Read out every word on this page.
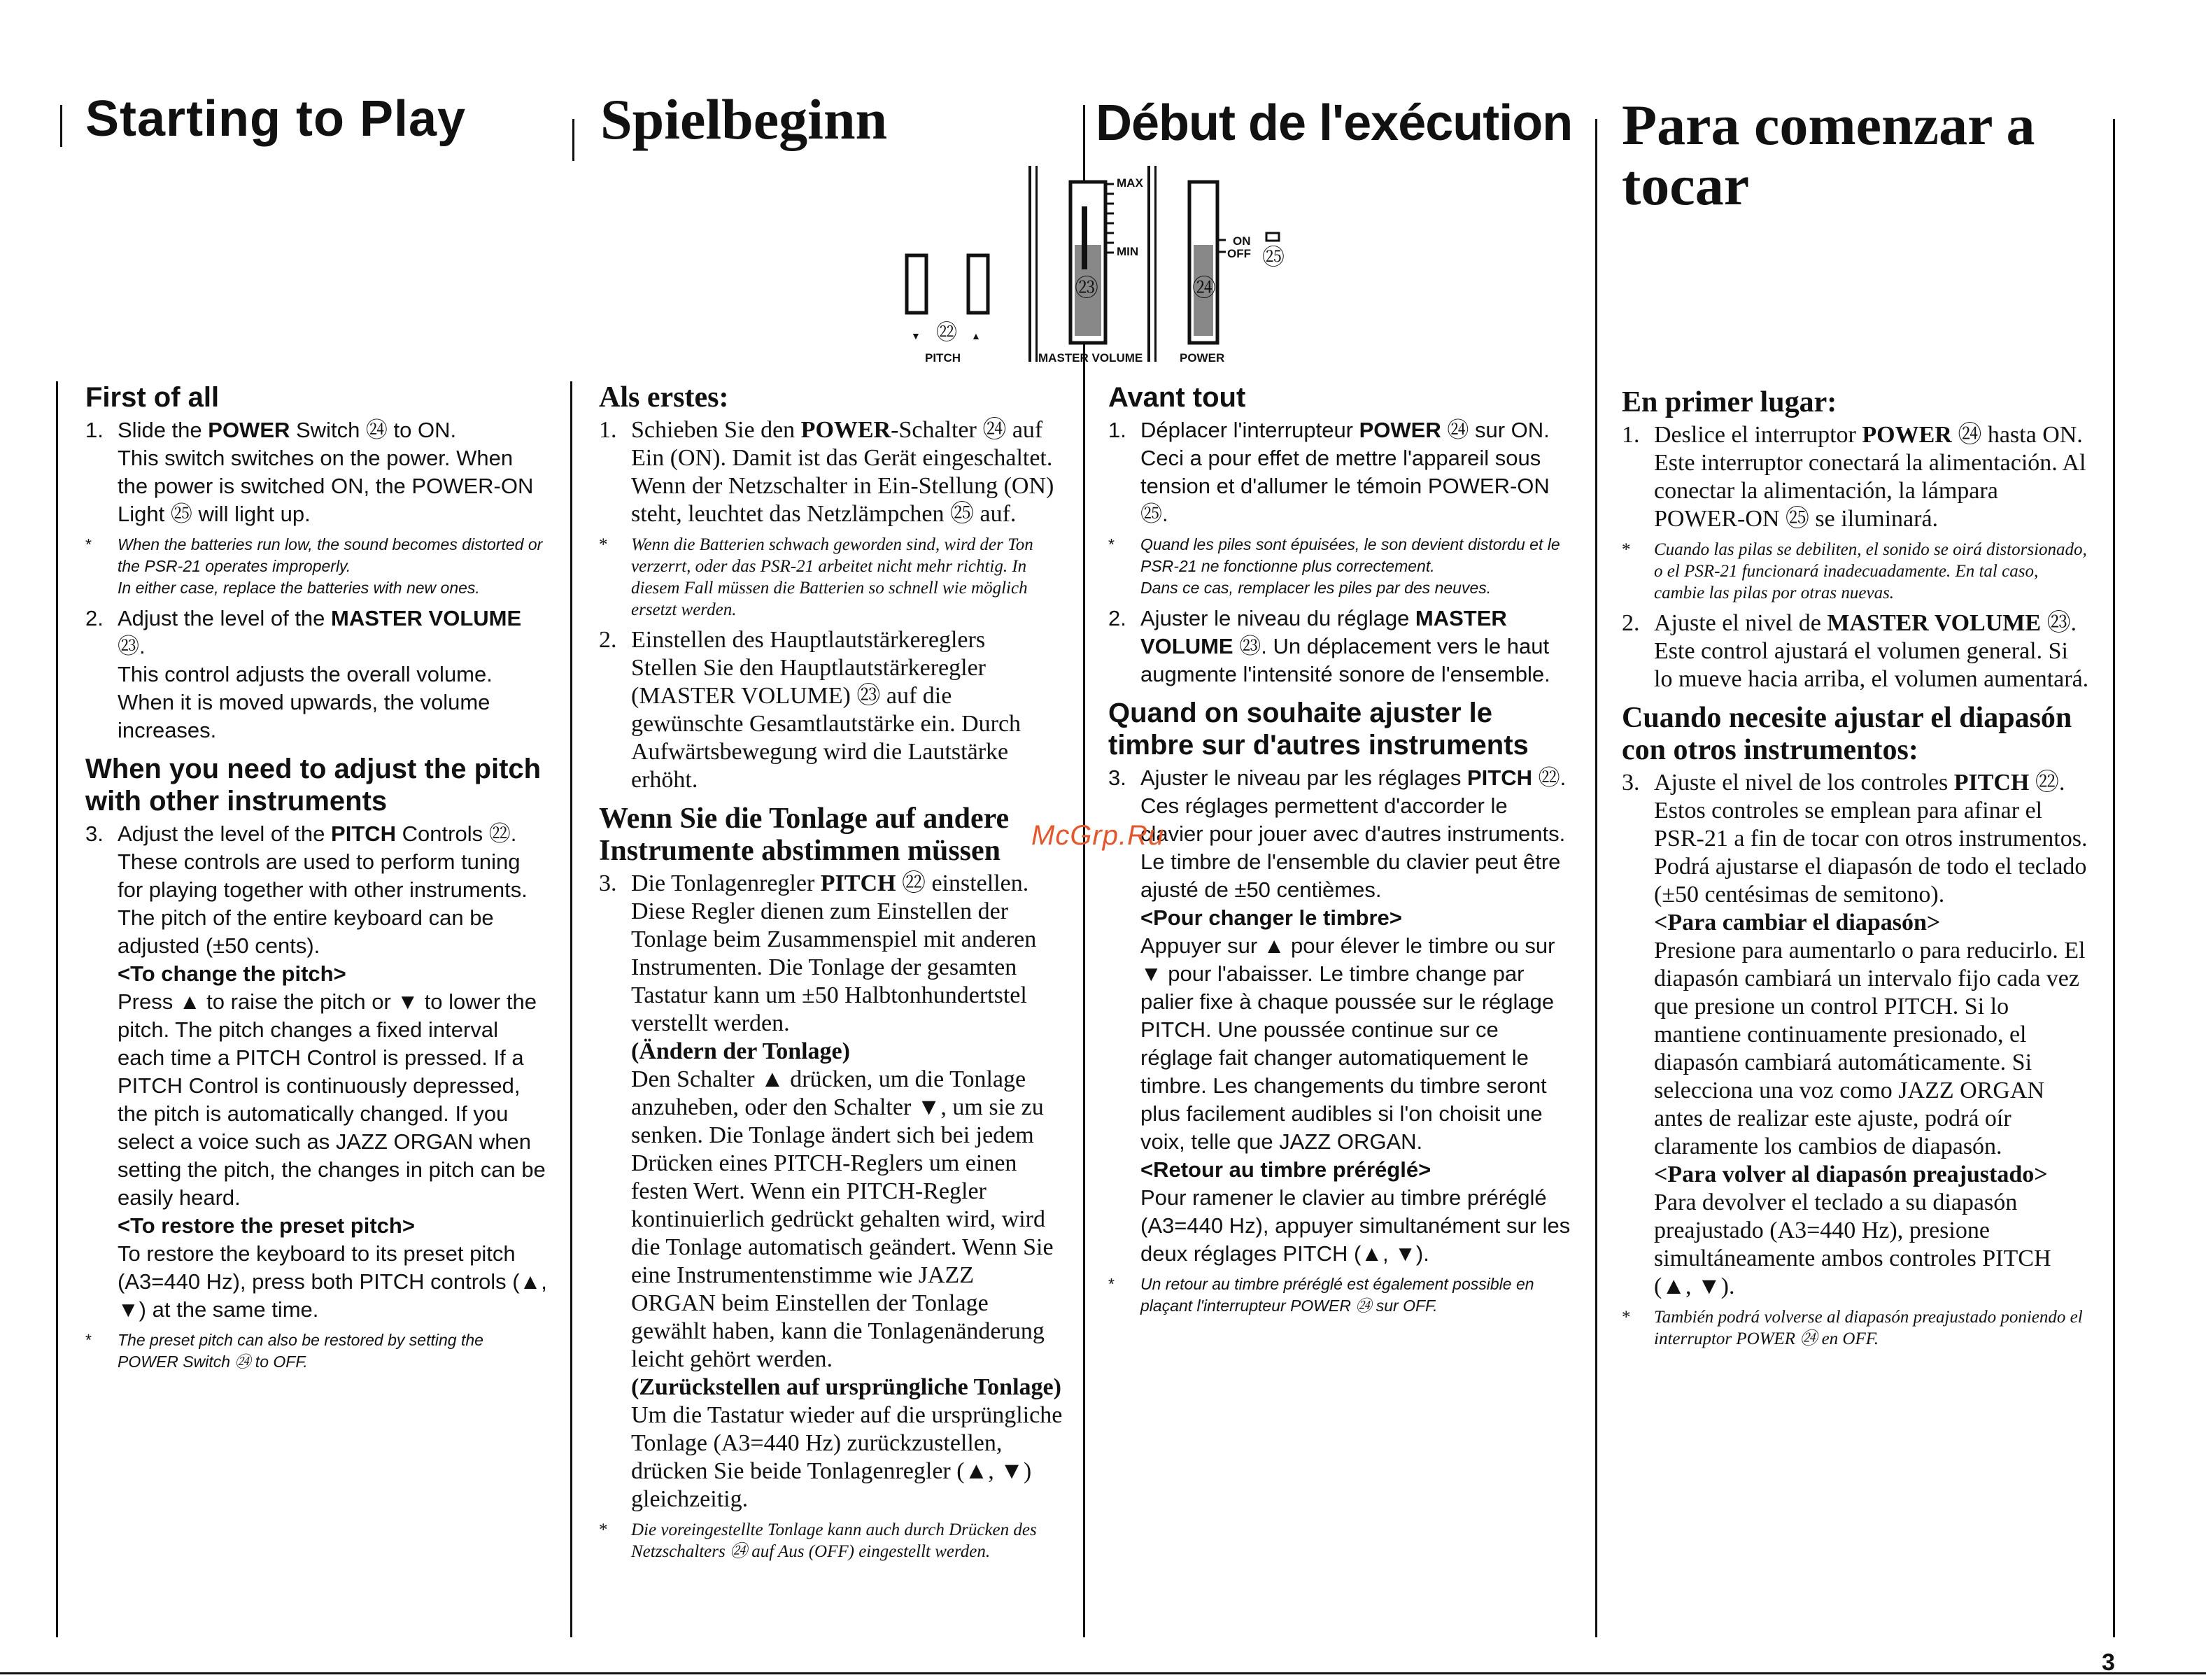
Starting to Play Spielbeginn	Début de l'exécution Para comenzar a
tocar
▼ ㉒ ▲
PITCH
MAX
MIN
㉓
MASTER VOLUME
ON
OFF ㉕
㉔
POWER
First of all
1. Slide the POWER Switch ㉔ to ON.

This switch switches on the power. When the power is switched ON, the POWER-ON Light ㉕ will light up.

* When the batteries run low, the sound becomes distorted or the PSR-21 operates improperly.

In either case, replace the batteries with new ones.

2. Adjust the level of the MASTER VOLUME ㉓.

This control adjusts the overall volume. When it is moved upwards, the volume increases.

When you need to adjust the pitch with other instruments
3. Adjust the level of the PITCH Controls ㉒.

These controls are used to perform tuning for playing together with other instruments. The pitch of the entire keyboard can be adjusted (±50 cents).

<To change the pitch>

Press ▲ to raise the pitch or ▼ to lower the pitch. The pitch changes a fixed interval each time a PITCH Control is pressed. If a PITCH Control is continuously depressed, the pitch is automatically changed. If you select a voice such as JAZZ ORGAN when setting the pitch, the changes in pitch can be easily heard.

<To restore the preset pitch>

To restore the keyboard to its preset pitch (A3=440 Hz), press both PITCH controls (▲, ▼) at the same time.

* The preset pitch can also be restored by setting the POWER Switch ㉔ to OFF.

Als erstes:
1. Schieben Sie den POWER-Schalter ㉔ auf Ein (ON). Damit ist das Gerät eingeschaltet. Wenn der Netzschalter in Ein-Stellung (ON) steht, leuchtet das Netzlämpchen ㉕ auf.

* Wenn die Batterien schwach geworden sind, wird der Ton verzerrt, oder das PSR-21 arbeitet nicht mehr richtig. In diesem Fall müssen die Batterien so schnell wie möglich ersetzt werden.

2. Einstellen des Hauptlautstärkereglers

Stellen Sie den Hauptlautstärkeregler (MASTER VOLUME) ㉓ auf die gewünschte Gesamtlautstärke ein. Durch Aufwärtsbewegung wird die Lautstärke erhöht.

Wenn Sie die Tonlage auf andere Instrumente abstimmen müssen
3. Die Tonlagenregler PITCH ㉒ einstellen.

Diese Regler dienen zum Einstellen der Tonlage beim Zusammenspiel mit anderen Instrumenten. Die Tonlage der gesamten Tastatur kann um ±50 Halbtonhundertstel verstellt werden.

(Ändern der Tonlage)

Den Schalter ▲ drücken, um die Tonlage anzuheben, oder den Schalter ▼, um sie zu senken. Die Tonlage ändert sich bei jedem Drücken eines PITCH-Reglers um einen festen Wert. Wenn ein PITCH-Regler kontinuierlich gedrückt gehalten wird, wird die Tonlage automatisch geändert. Wenn Sie eine Instrumentenstimme wie JAZZ ORGAN beim Einstellen der Tonlage gewählt haben, kann die Tonlagenänderung leicht gehört werden.

(Zurückstellen auf ursprüngliche Tonlage)

Um die Tastatur wieder auf die ursprüngliche Tonlage (A3=440 Hz) zurückzustellen, drücken Sie beide Tonlagenregler (▲, ▼) gleichzeitig.

* Die voreingestellte Tonlage kann auch durch Drücken des Netzschalters ㉔ auf Aus (OFF) eingestellt werden.

Avant tout
1. Déplacer l'interrupteur POWER ㉔ sur ON.

Ceci a pour effet de mettre l'appareil sous tension et d'allumer le témoin POWER-ON ㉕.

* Quand les piles sont épuisées, le son devient distordu et le PSR-21 ne fonctionne plus correctement.

Dans ce cas, remplacer les piles par des neuves.

2. Ajuster le niveau du réglage MASTER VOLUME ㉓. Un déplacement vers le haut augmente l'intensité sonore de l'ensemble.

Quand on souhaite ajuster le timbre sur d'autres instruments
3. Ajuster le niveau par les réglages PITCH ㉒.

Ces réglages permettent d'accorder le clavier pour jouer avec d'autres instruments. Le timbre de l'ensemble du clavier peut être ajusté de ±50 centièmes.

<Pour changer le timbre>

Appuyer sur ▲ pour élever le timbre ou sur ▼ pour l'abaisser. Le timbre change par palier fixe à chaque poussée sur le réglage PITCH. Une poussée continue sur ce réglage fait changer automatiquement le timbre. Les changements du timbre seront plus facilement audibles si l'on choisit une voix, telle que JAZZ ORGAN.

<Retour au timbre préréglé>

Pour ramener le clavier au timbre préréglé (A3=440 Hz), appuyer simultanément sur les deux réglages PITCH (▲, ▼).

* Un retour au timbre préréglé est également possible en plaçant l'interrupteur POWER ㉔ sur OFF.

En primer lugar:
1. Deslice el interruptor POWER ㉔ hasta ON.

Este interruptor conectará la alimentación. Al conectar la alimentación, la lámpara POWER-ON ㉕ se iluminará.

* Cuando las pilas se debiliten, el sonido se oirá distorsionado, o el PSR-21 funcionará inadecuadamente. En tal caso, cambie las pilas por otras nuevas.

2. Ajuste el nivel de MASTER VOLUME ㉓.

Este control ajustará el volumen general. Si lo mueve hacia arriba, el volumen aumentará.

Cuando necesite ajustar el diapasón con otros instrumentos:
3. Ajuste el nivel de los controles PITCH ㉒.

Estos controles se emplean para afinar el PSR-21 a fin de tocar con otros instrumentos. Podrá ajustarse el diapasón de todo el teclado (±50 centésimas de semitono).

<Para cambiar el diapasón>

Presione para aumentarlo o para reducirlo. El diapasón cambiará un intervalo fijo cada vez que presione un control PITCH. Si lo mantiene continuamente presionado, el diapasón cambiará automáticamente. Si selecciona una voz como JAZZ ORGAN antes de realizar este ajuste, podrá oír claramente los cambios de diapasón.

<Para volver al diapasón preajustado>

Para devolver el teclado a su diapasón preajustado (A3=440 Hz), presione simultáneamente ambos controles PITCH (▲, ▼).

* También podrá volverse al diapasón preajustado poniendo el interruptor POWER ㉔ en OFF.

McGrp.Ru
3
